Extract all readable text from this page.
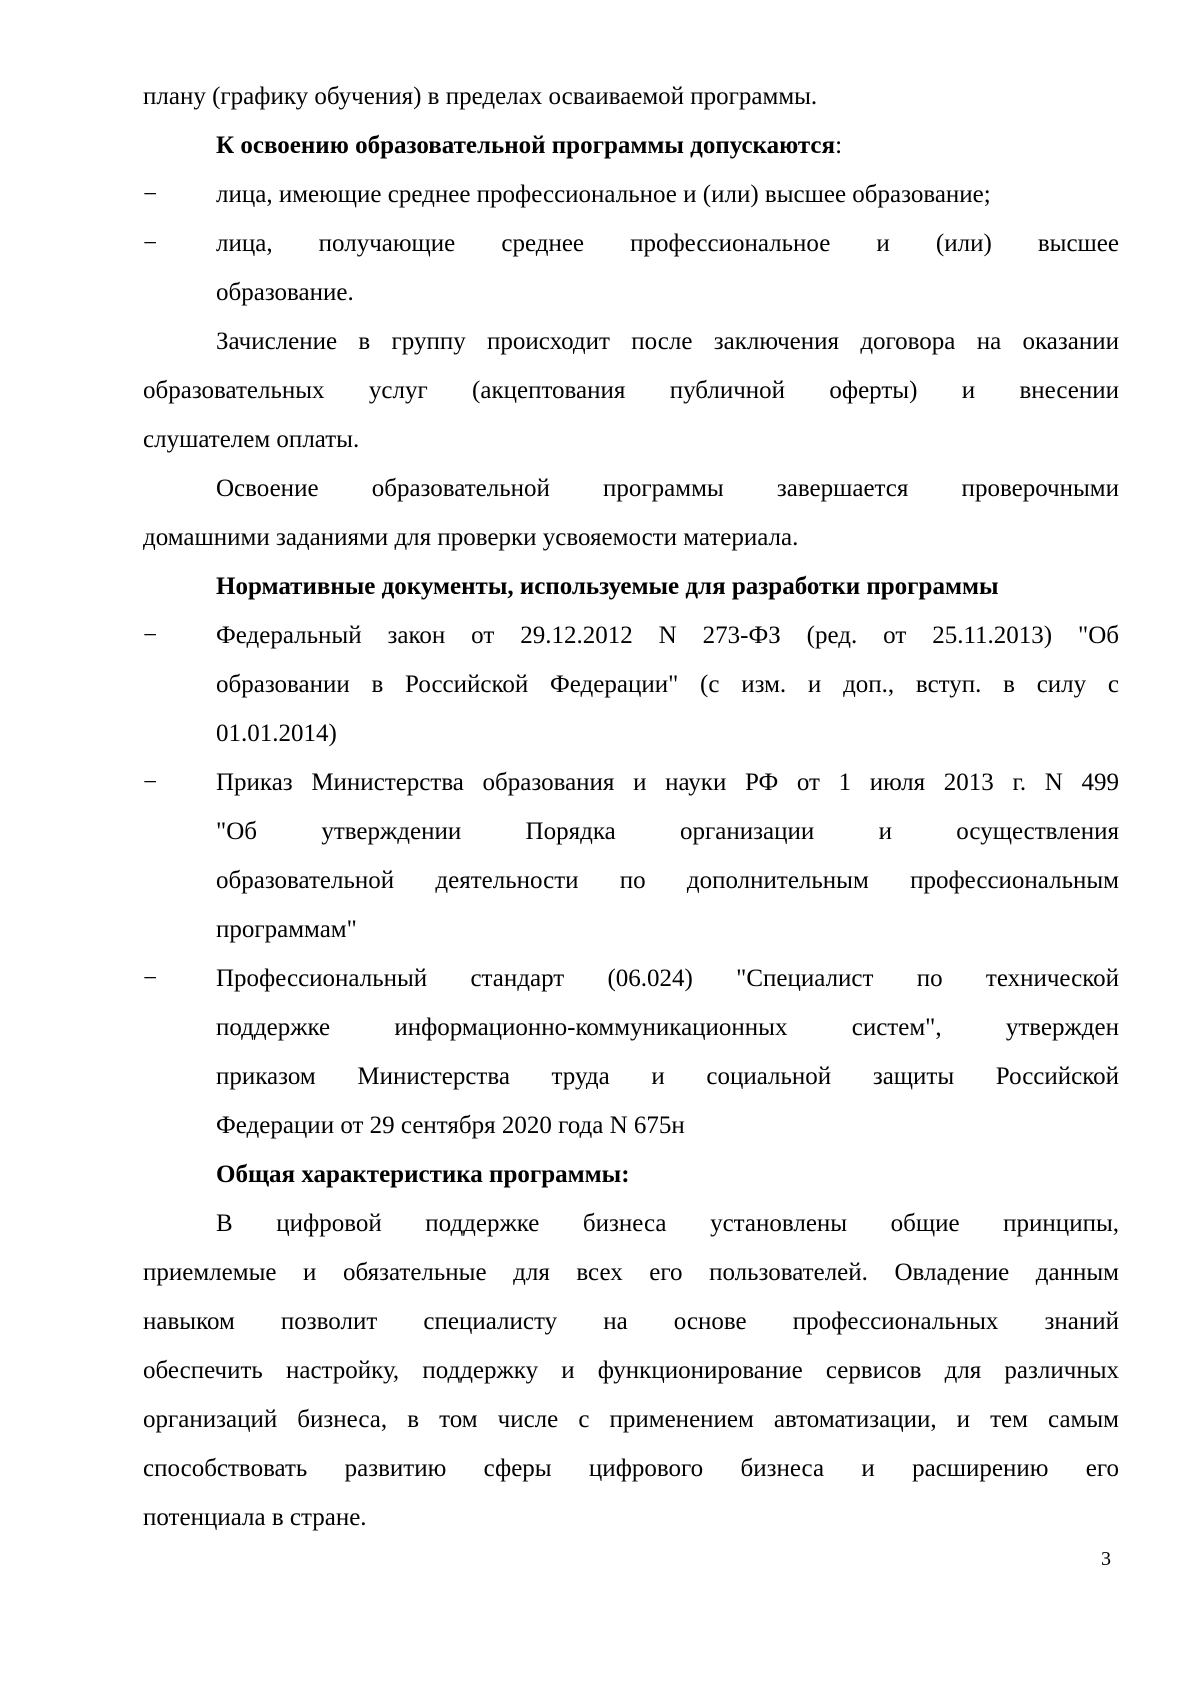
плану (графику обучения) в пределах осваиваемой программы.
К освоению образовательной программы допускаются:
− лица, имеющие среднее профессиональное и (или) высшее образование;
− лица, получающие среднее профессиональное и (или) высшее
образование.
Зачисление в группу происходит после заключения договора на оказании
образовательных услуг (акцептования публичной оферты) и внесении
слушателем оплаты.
Освоение образовательной программы завершается проверочными
домашними заданиями для проверки усвояемости материала.
Нормативные документы, используемые для разработки программы
− Федеральный закон от 29.12.2012 N 273-ФЗ (ред. от 25.11.2013) "Об
образовании в Российской Федерации" (с изм. и доп., вступ. в силу с
01.01.2014)
− Приказ Министерства образования и науки РФ от 1 июля 2013 г. N 499
"Об утверждении Порядка организации и осуществления
образовательной деятельности по дополнительным профессиональным
программам"
− Профессиональный стандарт (06.024) "Специалист по технической
поддержке информационно-коммуникационных систем", утвержден
приказом Министерства труда и социальной защиты Российской
Федерации от 29 сентября 2020 года N 675н
Общая характеристика программы:
В цифровой поддержке бизнеса установлены общие принципы,
приемлемые и обязательные для всех его пользователей. Овладение данным
навыком позволит специалисту на основе профессиональных знаний
обеспечить настройку, поддержку и функционирование сервисов для различных
организаций бизнеса, в том числе с применением автоматизации, и тем самым
способствовать развитию сферы цифрового бизнеса и расширению его
потенциала в стране.
3
